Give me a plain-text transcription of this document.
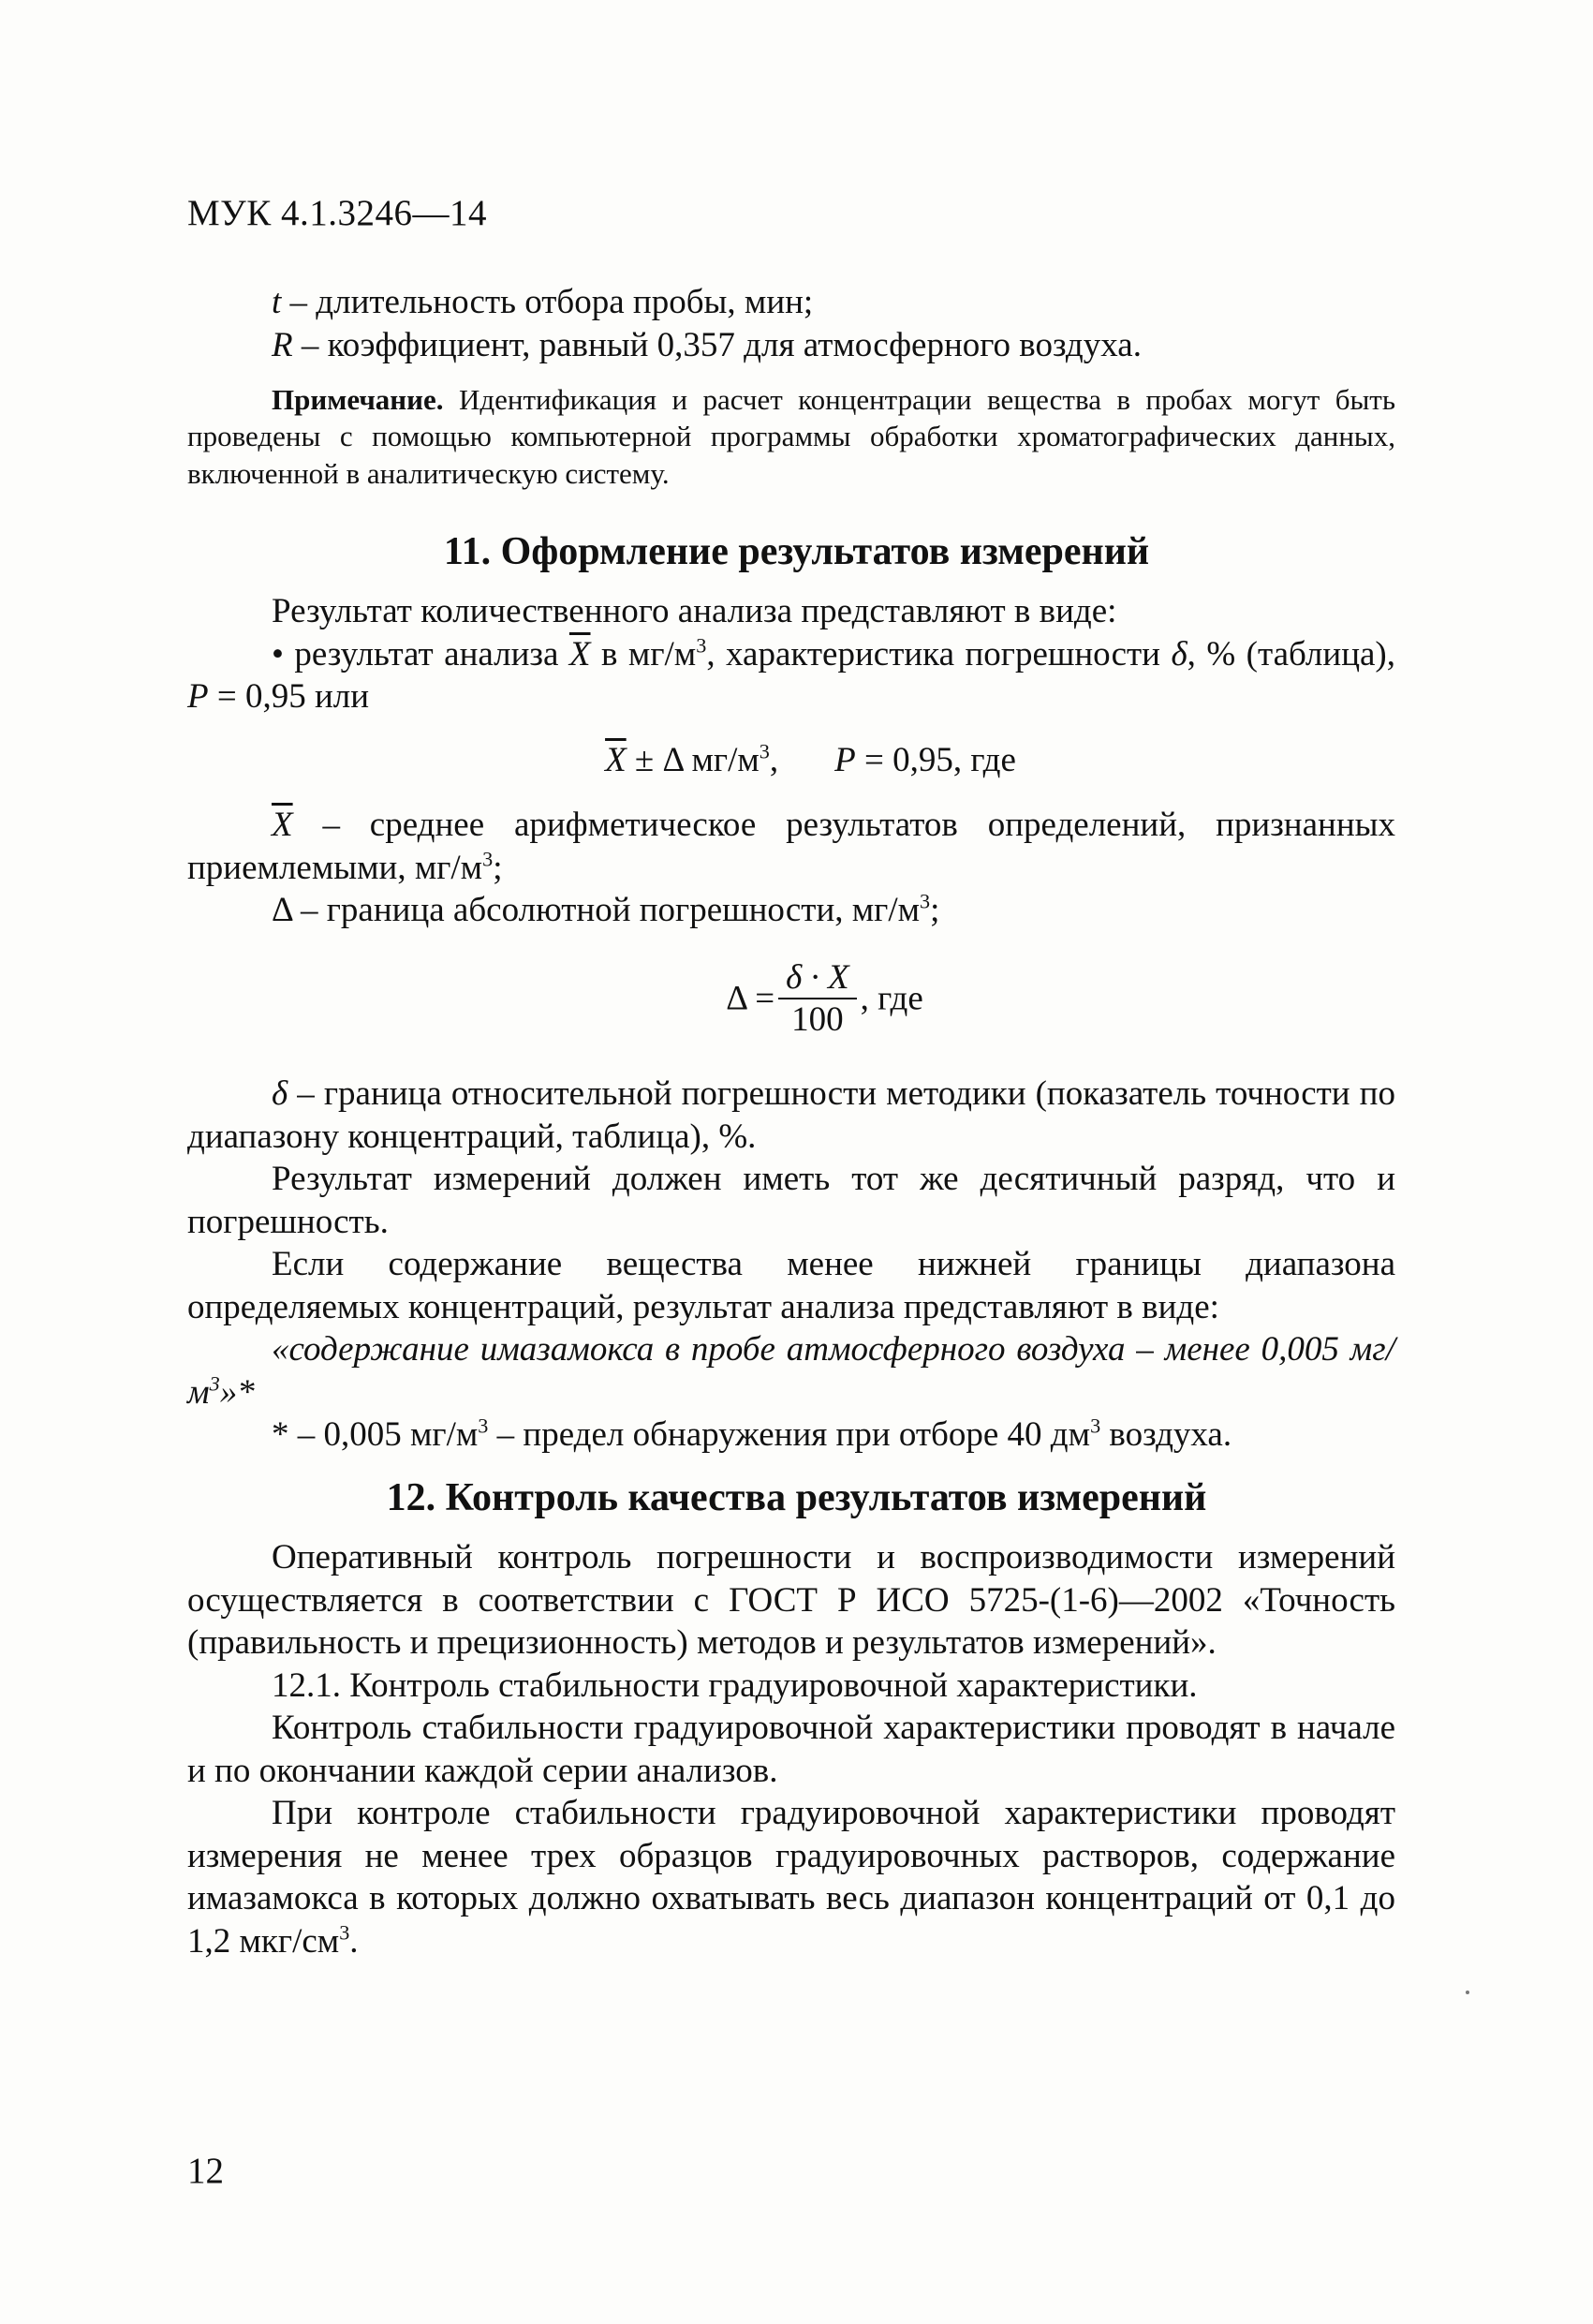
МУК 4.1.3246—14

t – длительность отбора пробы, мин;

R – коэффициент, равный 0,357 для атмосферного воздуха.

Примечание. Идентификация и расчет концентрации вещества в пробах могут быть проведены с помощью компьютерной программы обработки хроматографических данных, включенной в аналитическую систему.
11. Оформление результатов измерений

Результат количественного анализа представляют в виде:

• результат анализа $\overline{X}$ в $мг/м^3$, характеристика погрешности δ, % (таблица), P = 0,95 или

$\overline{X} \pm \Delta$ $мг/м^3$, P = 0,95, где

$\overline{X}$ – среднее арифметическое результатов определений, признанных приемлемыми, $мг/м^3$;

Δ – граница абсолютной погрешности, $мг/м^3$;

$\Delta = \frac{\delta \cdot X}{100}$ , где

δ – граница относительной погрешности методики (показатель точности по диапазону концентраций, таблица), %.

Результат измерений должен иметь тот же десятичный разряд, что и погрешность.

Если содержание вещества менее нижней границы диапазона определяемых концентраций, результат анализа представляют в виде:

«содержание имазамокса в пробе атмосферного воздуха – менее 0,005 $мг/м^3»*$

* – 0,005 $мг/м^3$ – предел обнаружения при отборе 40 $дм^3$ воздуха.

12. Контроль качества результатов измерений

Оперативный контроль погрешности и воспроизводимости измерений осуществляется в соответствии с ГОСТ Р ИСО 5725-(1-6)—2002 «Точность (правильность и прецизионность) методов и результатов измерений».

12.1. Контроль стабильности градуировочной характеристики.

Контроль стабильности градуировочной характеристики проводят в начале и по окончании каждой серии анализов.

При контроле стабильности градуировочной характеристики проводят измерения не менее трех образцов градуировочных растворов, содержание имазамокса в которых должно охватывать весь диапазон концентраций от 0,1 до 1,2 мкг/$см^3$.

12
